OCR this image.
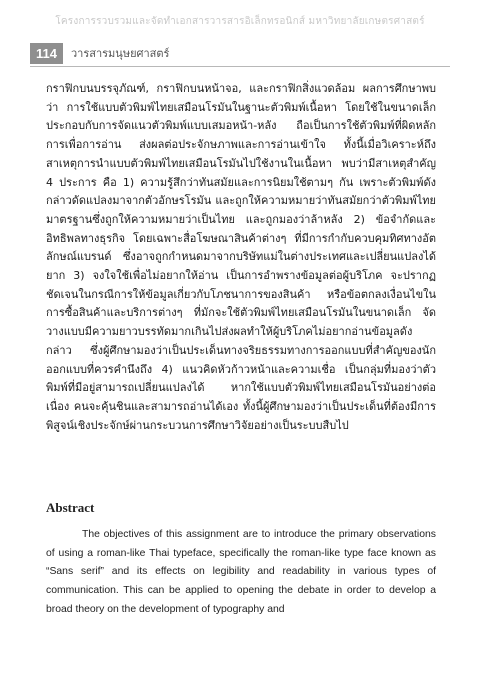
โครงการรวบรวมและจัดทำเอกสารวารสารอิเล็กทรอนิกส์ มหาวิทยาลัยเกษตรศาสตร์
114	วารสารมนุษยศาสตร์

กราฟิกบนบรรจุภัณฑ์, กราฟิกบนหน้าจอ, และกราฟิกสิ่งแวดล้อม ผลการศึกษาพบว่า การใช้แบบตัวพิมพ์ไทยเสมือนโรมันในฐานะตัวพิมพ์เนื้อหา โดยใช้ในขนาดเล็ก ประกอบกับการจัดแนวตัวพิมพ์แบบเสมอหน้า-หลัง ถือเป็นการใช้ตัวพิมพ์ที่ผิดหลักการเพื่อการอ่าน ส่งผลต่อประจักษภาพและการอ่านเข้าใจ ทั้งนี้เมื่อวิเคราะห์ถึงสาเหตุการนำแบบตัวพิมพ์ไทยเสมือนโรมันไปใช้งานในเนื้อหา พบว่ามีสาเหตุสำคัญ 4 ประการ คือ 1) ความรู้สึกว่าทันสมัยและการนิยมใช้ตามๆ กัน เพราะตัวพิมพ์ดังกล่าวดัดแปลงมาจากตัวอักษรโรมัน และถูกให้ความหมายว่าทันสมัยกว่าตัวพิมพ์ไทยมาตรฐานซึ่งถูกให้ความหมายว่าเป็นไทย และถูกมองว่าล้าหลัง 2) ข้อจำกัดและอิทธิพลทางธุรกิจ โดยเฉพาะสื่อโฆษณาสินค้าต่างๆ ที่มีการกำกับควบคุมทิศทางอัตลักษณ์แบรนด์ ซึ่งอาจถูกกำหนดมาจากบริษัทแม่ในต่างประเทศและเปลี่ยนแปลงได้ยาก 3) จงใจใช้เพื่อไม่อยากให้อ่าน เป็นการอำพรางข้อมูลต่อผู้บริโภค จะปรากฏชัดเจนในกรณีการให้ข้อมูลเกี่ยวกับโภชนาการของสินค้า หรือข้อตกลงเงื่อนไขในการซื้อสินค้าและบริการต่างๆ ที่มักจะใช้ตัวพิมพ์ไทยเสมือนโรมันในขนาดเล็ก จัดวางแบบมีความยาวบรรทัดมากเกินไปส่งผลทำให้ผู้บริโภคไม่อยากอ่านข้อมูลดังกล่าว ซึ่งผู้ศึกษามองว่าเป็นประเด็นทางจริยธรรมทางการออกแบบที่สำคัญของนักออกแบบที่ควรคำนึงถึง 4) แนวคิดหัวก้าวหน้าและความเชื่อ เป็นกลุ่มที่มองว่าตัวพิมพ์ที่มีอยู่สามารถเปลี่ยนแปลงได้ หากใช้แบบตัวพิมพ์ไทยเสมือนโรมันอย่างต่อเนื่อง คนจะคุ้นชินและสามารถอ่านได้เอง ทั้งนี้ผู้ศึกษามองว่าเป็นประเด็นที่ต้องมีการพิสูจน์เชิงประจักษ์ผ่านกระบวนการศึกษาวิจัยอย่างเป็นระบบสืบไป

Abstract

The objectives of this assignment are to introduce the primary observations of using a roman-like Thai typeface, specifically the roman-like type face known as “Sans serif” and its effects on legibility and readability in various types of communication. This can be applied to opening the debate in order to develop a broad theory on the development of typography and
